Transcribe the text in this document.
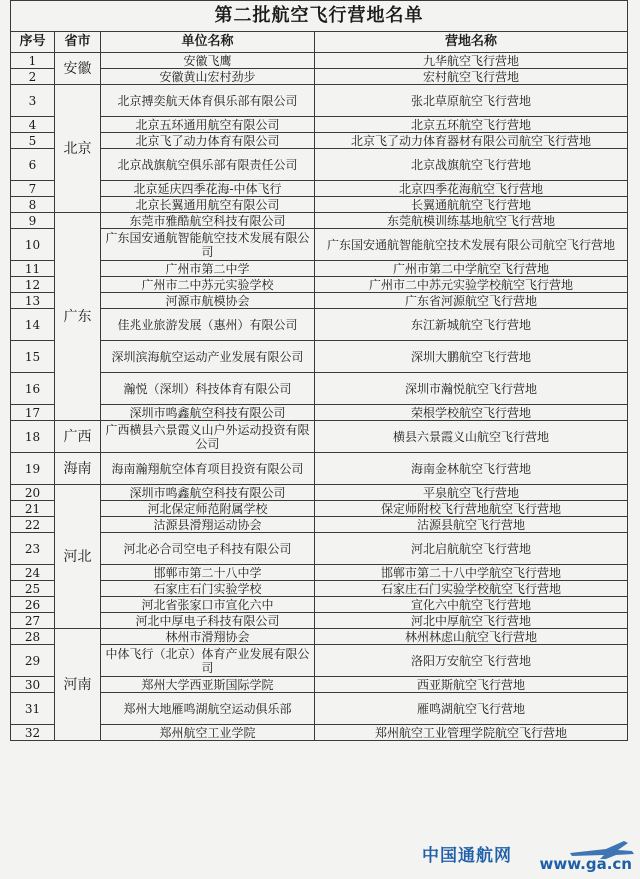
第二批航空飞行营地名单			
序号	省市	单位名称	营地名称
1	安徽	安徽飞鹰	九华航空飞行营地
2		安徽黄山宏村劲步	宏村航空飞行营地
3	北京	北京搏奕航天体育俱乐部有限公司	张北草原航空飞行营地
4		北京五环通用航空有限公司	北京五环航空飞行营地
5		北京飞了动力体育有限公司	北京飞了动力体育器材有限公司航空飞行营地
6		北京战旗航空俱乐部有限责任公司	北京战旗航空飞行营地
7		北京延庆四季花海-中体飞行	北京四季花海航空飞行营地
8		北京长翼通用航空有限公司	长翼通航航空飞行营地
9	广东	东莞市雅酷航空科技有限公司	东莞航模训练基地航空飞行营地
10		广东国安通航智能航空技术发展有限公司	广东国安通航智能航空技术发展有限公司航空飞行营地
11		广州市第二中学	广州市第二中学航空飞行营地
12		广州市二中苏元实验学校	广州市二中苏元实验学校航空飞行营地
13		河源市航模协会	广东省河源航空飞行营地
14		佳兆业旅游发展（惠州）有限公司	东江新城航空飞行营地
15		深圳滨海航空运动产业发展有限公司	深圳大鹏航空飞行营地
16		瀚悦（深圳）科技体育有限公司	深圳市瀚悦航空飞行营地
17		深圳市鸣鑫航空科技有限公司	荣根学校航空飞行营地
18	广西	广西横县六景霞义山户外运动投资有限公司	横县六景霞义山航空飞行营地
19	海南	海南瀚翔航空体育项目投资有限公司	海南金林航空飞行营地
20	河北	深圳市鸣鑫航空科技有限公司	平泉航空飞行营地
21		河北保定师范附属学校	保定师附校飞行营地航空飞行营地
22		沽源县滑翔运动协会	沽源县航空飞行营地
23		河北必合司空电子科技有限公司	河北启航航空飞行营地
24		邯郸市第二十八中学	邯郸市第二十八中学航空飞行营地
25		石家庄石门实验学校	石家庄石门实验学校航空飞行营地
26		河北省张家口市宣化六中	宣化六中航空飞行营地
27		河北中厚电子科技有限公司	河北中厚航空飞行营地
28	河南	林州市滑翔协会	林州林虑山航空飞行营地
29		中体飞行（北京）体育产业发展有限公司	洛阳万安航空飞行营地
30		郑州大学西亚斯国际学院	西亚斯航空飞行营地
31		郑州大地雁鸣湖航空运动俱乐部	雁鸣湖航空飞行营地
32		郑州航空工业学院	郑州航空工业管理学院航空飞行营地
中国通航网 www.ga.cn
